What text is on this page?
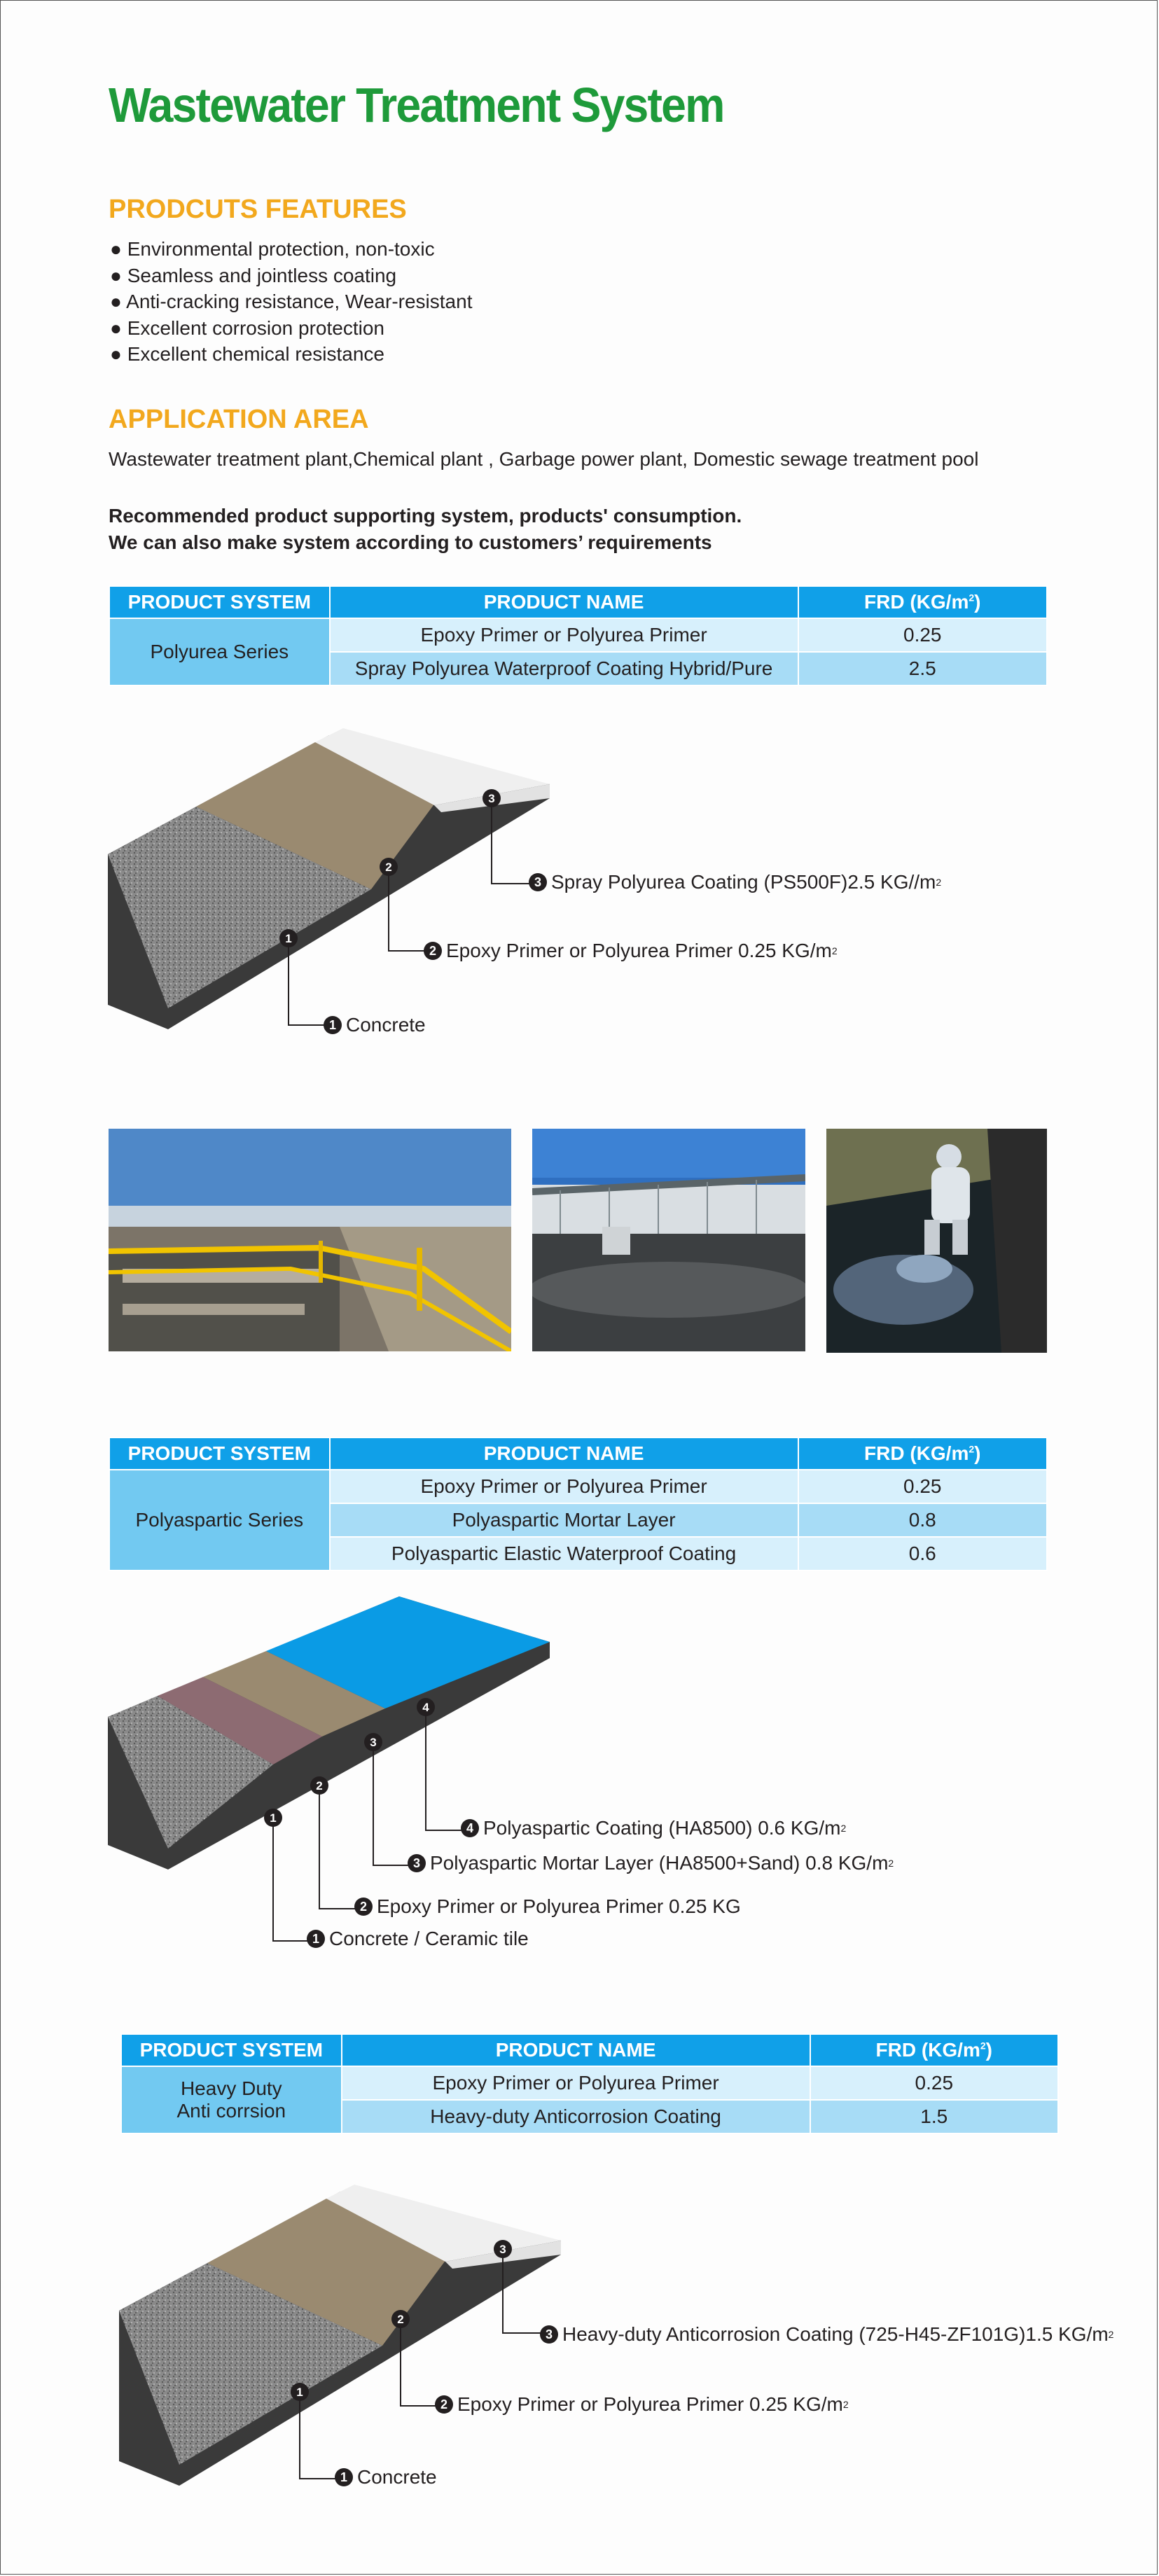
Wastewater Treatment System
PRODCUTS FEATURES
● Environmental protection, non-toxic
● Seamless and jointless coating
● Anti-cracking resistance, Wear-resistant
● Excellent corrosion protection
● Excellent chemical resistance
APPLICATION AREA
Wastewater treatment plant,Chemical plant , Garbage power plant, Domestic sewage treatment pool
Recommended product supporting system, products' consumption.
We can also make system according to customers’ requirements
PRODUCT SYSTEM	PRODUCT NAME	FRD $(KG/m^2)$
Polyurea Series	Epoxy Primer or Polyurea Primer	0.25
	Spray Polyurea Waterproof Coating Hybrid/Pure	2.5
3
2
1
3 Spray Polyurea Coating (PS500F)2.5 KG//m 2
2 Epoxy Primer or Polyurea Primer 0.25 KG/m 2
1 Concrete
PRODUCT SYSTEM	PRODUCT NAME	FRD $(KG/m^2)$
Polyaspartic Series	Epoxy Primer or Polyurea Primer	0.25
	Polyaspartic Mortar Layer	0.8
	Polyaspartic Elastic Waterproof Coating	0.6
4
3
2
1
4 Polyaspartic Coating (HA8500) 0.6 KG/m 2
3 Polyaspartic Mortar Layer (HA8500+Sand) 0.8 KG/m 2
2 Epoxy Primer or Polyurea Primer 0.25 KG
1 Concrete / Ceramic tile
PRODUCT SYSTEM	PRODUCT NAME	FRD $(KG/m^2)$

Heavy Duty
Anti corrsion	Epoxy Primer or Polyurea Primer	0.25
	Heavy-duty Anticorrosion Coating	1.5
3
2
1
3 Heavy-duty Anticorrosion Coating (725-H45-ZF101G)1.5 KG/m 2
2 Epoxy Primer or Polyurea Primer 0.25 KG/m 2
1 Concrete
